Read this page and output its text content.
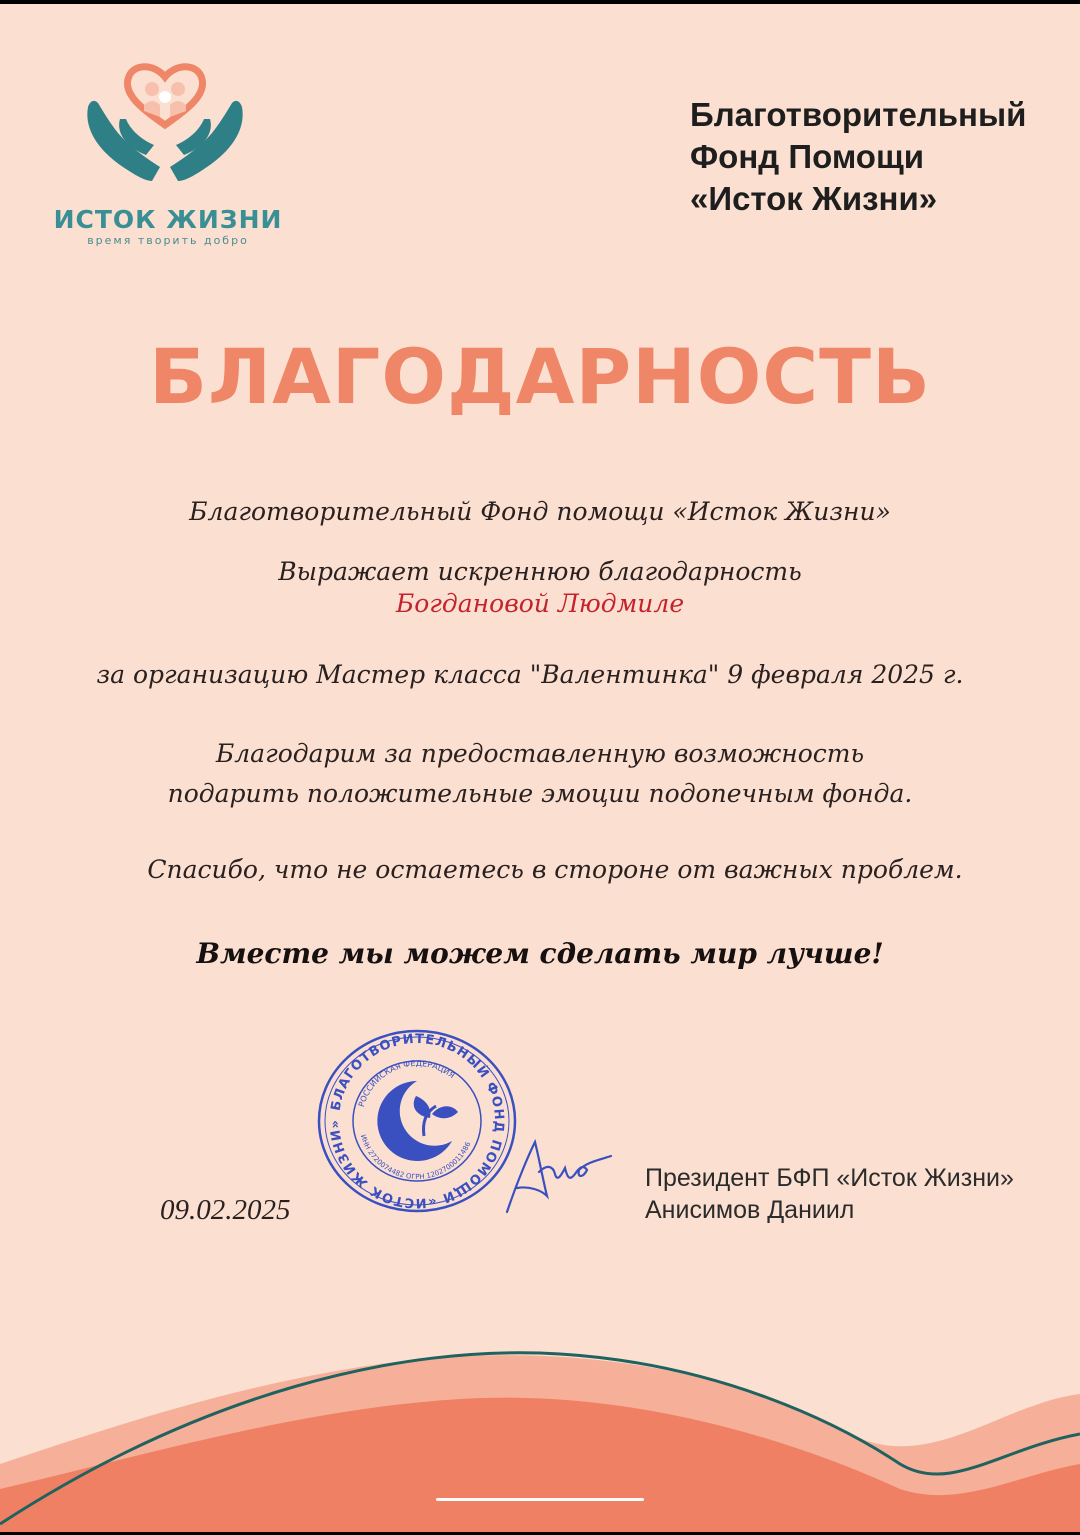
ИСТОК ЖИЗНИ
время творить добро
Благотворительный
Фонд Помощи
«Исток Жизни»
БЛАГОДАРНОСТЬ
Благотворительный Фонд помощи «Исток Жизни»
Выражает искреннюю благодарность
Богдановой Людмиле
за организацию Мастер класса "Валентинка" 9 февраля 2025 г.
Благодарим за предоставленную возможность
подарить положительные эмоции подопечным фонда.
Спасибо, что не остаетесь в стороне от важных проблем.
Вместе мы можем сделать мир лучше!
09.02.2025
БЛАГОТВОРИТЕЛЬНЫЙ ФОНД ПОМОЩИ «ИСТОК ЖИЗНИ»
РОССИЙСКАЯ ФЕДЕРАЦИЯ
ИНН 2720074482 ОГРН 1202700011486
Президент БФП «Исток Жизни»
Анисимов Даниил
